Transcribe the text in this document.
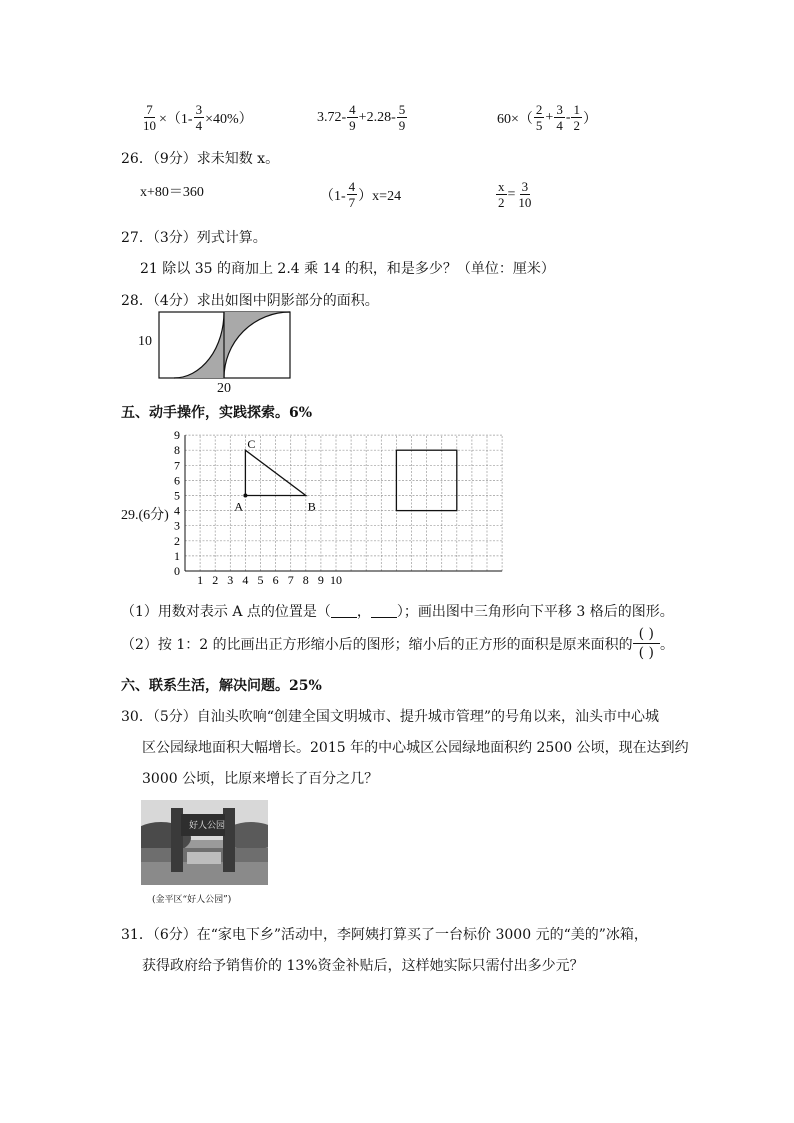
$\frac{7}{10} \times(1- \frac{3}{4} \times 40\%)$	$3.72- \frac{4}{9} +2.28- \frac{5}{9}$	$60\times( \frac{2}{5} + \frac{3}{4} - \frac{1}{2}$ ）
26．（9分）求未知数 x。
x+80＝360	$(1- \frac{4}{7} )x=24$	$\frac{x}{2} = \frac{3}{10}$
27．（3分）列式计算。
21 除以 35 的商加上 2.4 乘 14 的积，和是多少？（单位：厘米）
28．（4分）求出如图中阴影部分的面积。
10
20
五、动手操作，实践探索。6%
29.(6分)
0
1
2
3
4
5
6
7
8
9
1 2 3 4 5 6 7 8 9 10
A	B
C
（1）用数对表示 A 点的位置是（ ， ）；画出图中三角形向下平移 3 格后的图形。
（2）按 1：2 的比画出正方形缩小后的图形；缩小后的正方形的面积是原来面积的
( )
( )
。
六、联系生活，解决问题。25%
30．（5分）自汕头吹响“创建全国文明城市、提升城市管理”的号角以来，汕头市中心城
区公园绿地面积大幅增长。2015 年的中心城区公园绿地面积约 2500 公顷，现在达到约
3000 公顷，比原来增长了百分之几？
好人公园
(金平区“好人公园”)
31．（6分）在“家电下乡”活动中，李阿姨打算买了一台标价 3000 元的“美的”冰箱，
获得政府给予销售价的 13%资金补贴后，这样她实际只需付出多少元？
